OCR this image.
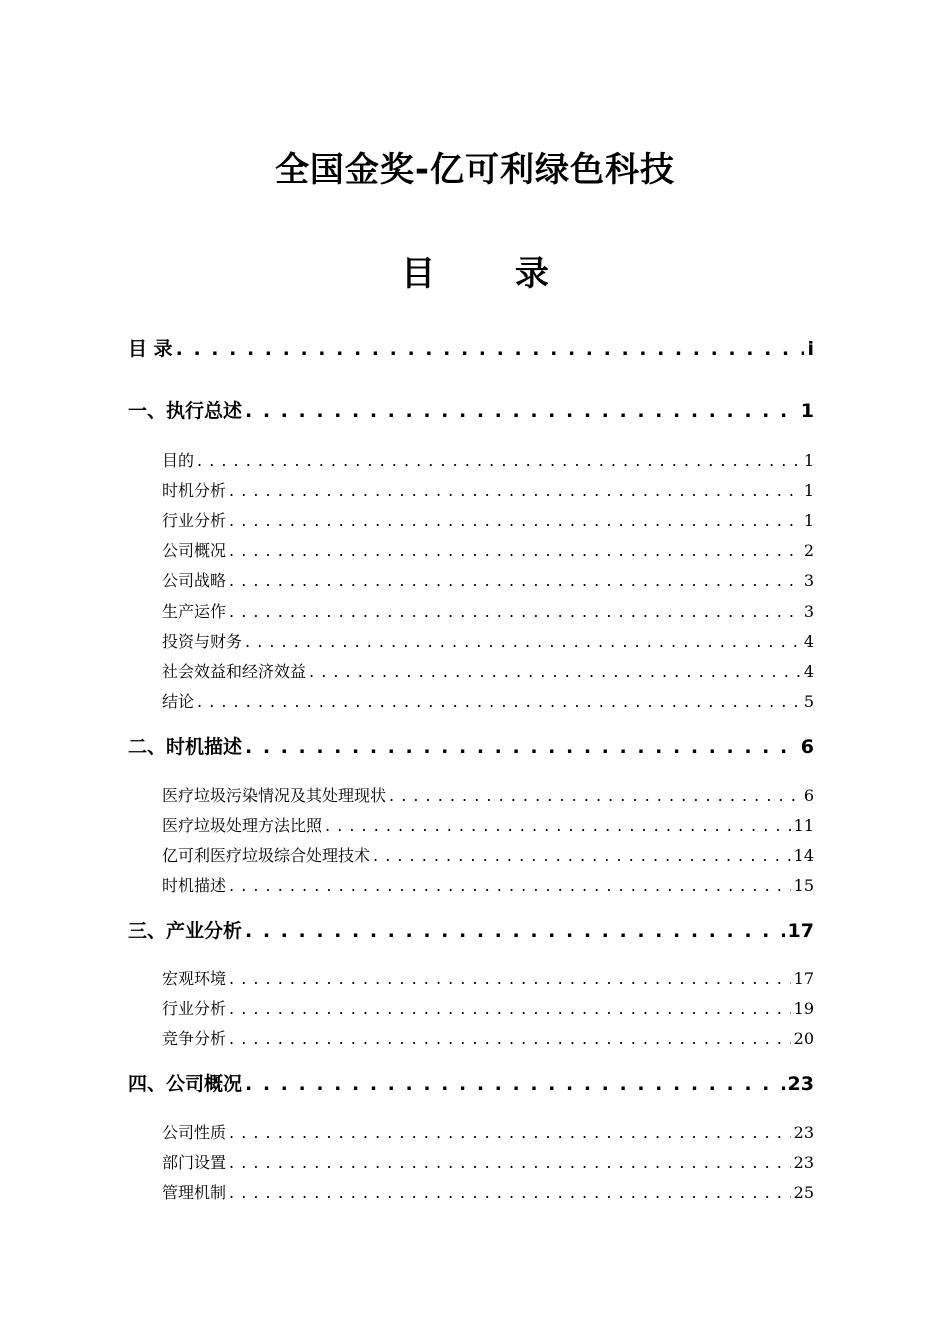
全国金奖-亿可利绿色科技
目 录
目 录 . . .	i
一、执行总述 . . .	1
目的 . . .	1
时机分析 . . .	1
行业分析 . . .	1
公司概况 . . .	2
公司战略 . . .	3
生产运作 . . .	3
投资与财务 . . .	4
社会效益和经济效益 . . .	4
结论 . . .	5
二、时机描述 . . .	6
医疗垃圾污染情况及其处理现状 . . .	6
医疗垃圾处理方法比照 . . .	11
亿可利医疗垃圾综合处理技术 . . .	14
时机描述 . . .	15
三、产业分析 . . .	17
宏观环境 . . .	17
行业分析 . . .	19
竞争分析 . . .	20
四、公司概况 . . .	23
公司性质 . . .	23
部门设置 . . .	23
管理机制 . . .	25
